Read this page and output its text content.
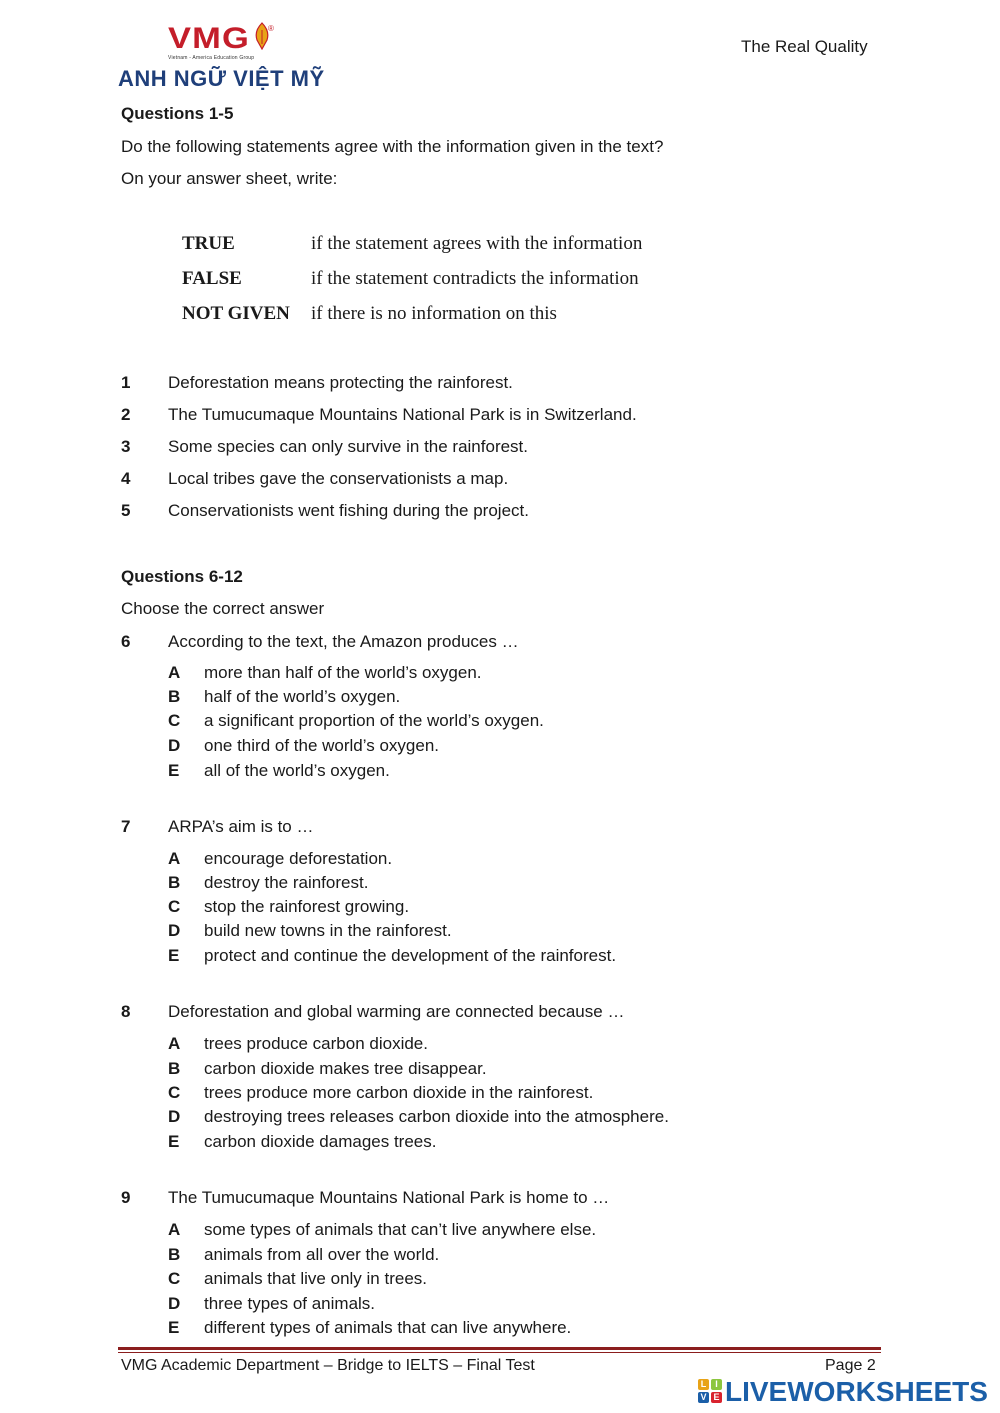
VMG ®
Vietnam - America Education Group
ANH NGỮ VIỆT MỸ
The Real Quality
Questions 1-5
Do the following statements agree with the information given in the text?
On your answer sheet, write:
TRUE	if the statement agrees with the information
FALSE	if the statement contradicts the information
NOT GIVEN if there is no information on this
1 Deforestation means protecting the rainforest.
2 The Tumucumaque Mountains National Park is in Switzerland.
3 Some species can only survive in the rainforest.
4 Local tribes gave the conservationists a map.
5 Conservationists went fishing during the project.
Questions 6-12
Choose the correct answer
6 According to the text, the Amazon produces …
A more than half of the world’s oxygen.
B half of the world’s oxygen.
C a significant proportion of the world’s oxygen.
D one third of the world’s oxygen.
E all of the world’s oxygen.
7 ARPA’s aim is to …
A encourage deforestation.
B destroy the rainforest.
C stop the rainforest growing.
D build new towns in the rainforest.
E protect and continue the development of the rainforest.
8 Deforestation and global warming are connected because …
A trees produce carbon dioxide.
B carbon dioxide makes tree disappear.
C trees produce more carbon dioxide in the rainforest.
D destroying trees releases carbon dioxide into the atmosphere.
E carbon dioxide damages trees.
9 The Tumucumaque Mountains National Park is home to …
A some types of animals that can’t live anywhere else.
B animals from all over the world.
C animals that live only in trees.
D three types of animals.
E different types of animals that can live anywhere.
VMG Academic Department – Bridge to IELTS – Final Test	Page 2
L I
V E LIVEWORKSHEETS
